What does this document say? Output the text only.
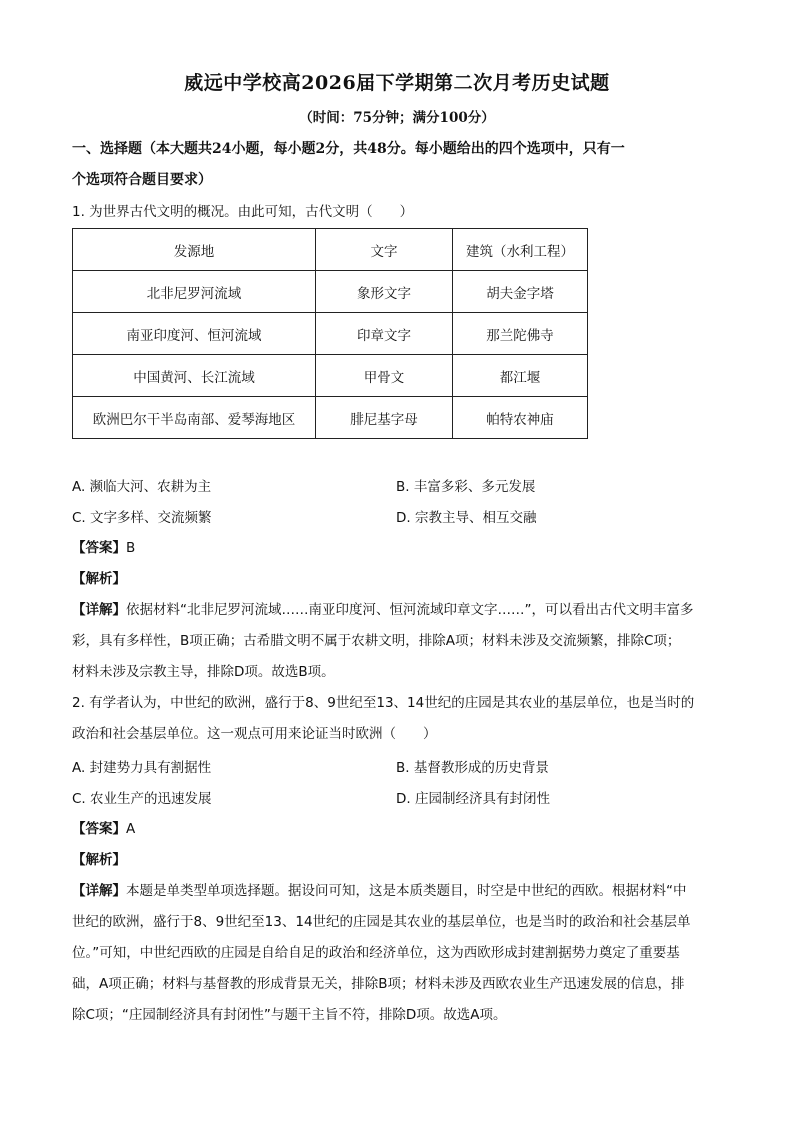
威远中学校高2026届下学期第二次月考历史试题
（时间：75分钟；满分100分）
一、选择题（本大题共24小题，每小题2分，共48分。每小题给出的四个选项中，只有一
个选项符合题目要求）
1. 为世界古代文明的概况。由此可知，古代文明（　　）
发源地	文字	建筑（水利工程）
北非尼罗河流域	象形文字	胡夫金字塔
南亚印度河、恒河流域	印章文字	那兰陀佛寺
中国黄河、长江流域	甲骨文	都江堰
欧洲巴尔干半岛南部、爱琴海地区	腓尼基字母	帕特农神庙
A. 濒临大河、农耕为主	B. 丰富多彩、多元发展
C. 文字多样、交流频繁	D. 宗教主导、相互交融
【答案】B
【解析】
【详解】依据材料“北非尼罗河流域……南亚印度河、恒河流域印章文字……”，可以看出古代文明丰富多
彩，具有多样性，B项正确；古希腊文明不属于农耕文明，排除A项；材料未涉及交流频繁，排除C项；
材料未涉及宗教主导，排除D项。故选B项。
2. 有学者认为，中世纪的欧洲，盛行于8、9世纪至13、14世纪的庄园是其农业的基层单位，也是当时的
政治和社会基层单位。这一观点可用来论证当时欧洲（　　）
A. 封建势力具有割据性	B. 基督教形成的历史背景
C. 农业生产的迅速发展	D. 庄园制经济具有封闭性
【答案】A
【解析】
【详解】本题是单类型单项选择题。据设问可知，这是本质类题目，时空是中世纪的西欧。根据材料“中
世纪的欧洲，盛行于8、9世纪至13、14世纪的庄园是其农业的基层单位，也是当时的政治和社会基层单
位。”可知，中世纪西欧的庄园是自给自足的政治和经济单位，这为西欧形成封建割据势力奠定了重要基
础，A项正确；材料与基督教的形成背景无关，排除B项；材料未涉及西欧农业生产迅速发展的信息，排
除C项；“庄园制经济具有封闭性”与题干主旨不符，排除D项。故选A项。
